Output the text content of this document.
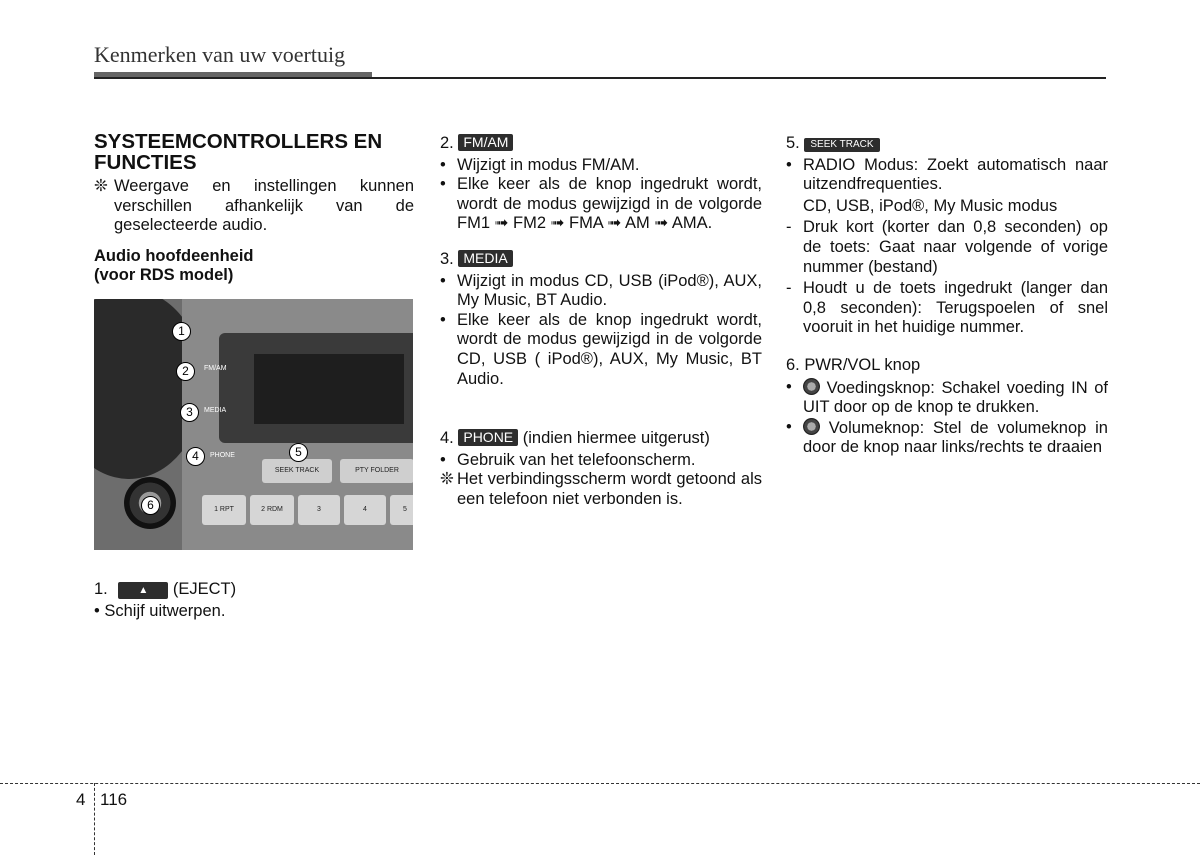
Kenmerken van uw voertuig
SYSTEEMCONTROLLERS EN FUNCTIES
❊ Weergave en instellingen kunnen verschillen afhankelijk van de geselecteerde audio.

Audio hoofdeenheid
(voor RDS model)
SEEK TRACK	PTY FOLDER
1 RPT	2 RDM	3	4	5
FM/AM
MEDIA
PHONE
1
2
3
4	5
6
1.	▲ (EJECT)
• Schijf uitwerpen.
2. FM/AM
• Wijzigt in modus FM/AM.

• Elke keer als de knop ingedrukt wordt, wordt de modus gewijzigd in de volgorde FM1 ➟ FM2 ➟ FMA ➟ AM ➟ AMA.

3. MEDIA
• Wijzigt in modus CD, USB (iPod®), AUX, My Music, BT Audio.

• Elke keer als de knop ingedrukt wordt, wordt de modus gewijzigd in de volgorde CD, USB ( iPod®), AUX, My Music, BT Audio.

4. PHONE (indien hiermee uitgerust)
• Gebruik van het telefoonscherm.

❊ Het verbindingsscherm wordt getoond als een telefoon niet verbonden is.

5. SEEK TRACK
• RADIO Modus: Zoekt automatisch naar uitzendfrequenties.

CD, USB, iPod®, My Music modus
- Druk kort (korter dan 0,8 seconden) op de toets: Gaat naar volgende of vorige nummer (bestand)

- Houdt u de toets ingedrukt (langer dan 0,8 seconden): Terugspoelen of snel vooruit in het huidige nummer.

6. PWR/VOL knop
•	Voedingsknop: Schakel voeding IN of UIT door op de knop te drukken.

•	Volumeknop: Stel de volumeknop in door de knop naar links/rechts te draaien

4 116
